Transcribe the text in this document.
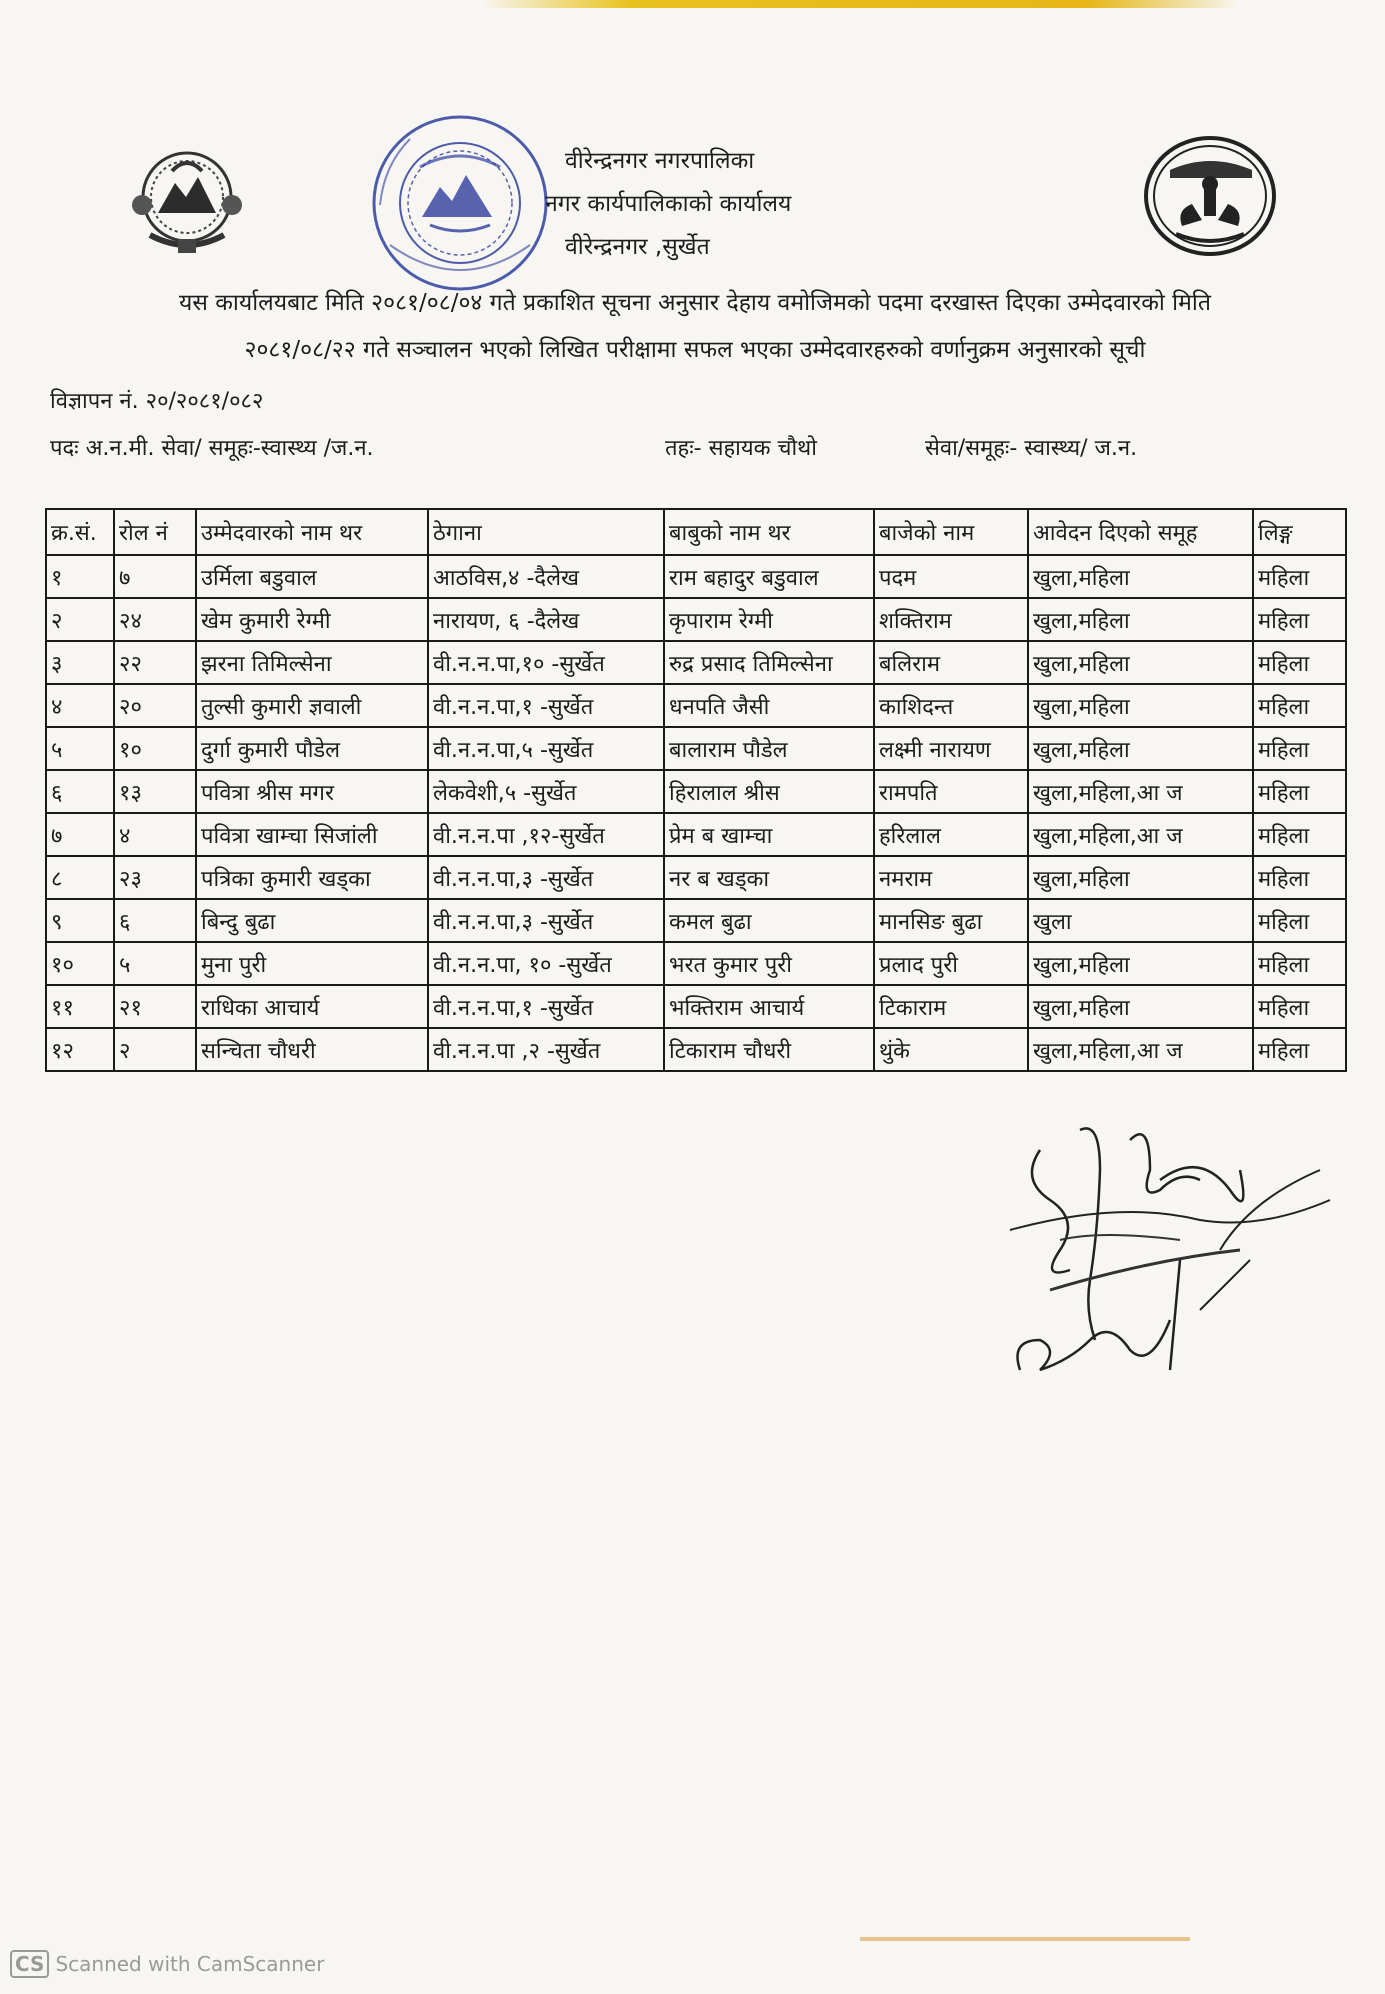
वीरेन्द्रनगर नगरपालिका
नगर कार्यपालिकाको कार्यालय
वीरेन्द्रनगर ,सुर्खेत
यस कार्यालयबाट मिति २०८१/०८/०४ गते प्रकाशित सूचना अनुसार देहाय वमोजिमको पदमा दरखास्त दिएका उम्मेदवारको मिति
२०८१/०८/२२ गते सञ्चालन भएको लिखित परीक्षामा सफल भएका उम्मेदवारहरुको वर्णानुक्रम अनुसारको सूची
विज्ञापन नं. २०/२०८१/०८२
पदः अ.न.मी. सेवा/ समूहः-स्वास्थ्य /ज.न.	तहः- सहायक चौथो	सेवा/समूहः- स्वास्थ्य/ ज.न.
क्र.सं.	रोल नं	उम्मेदवारको नाम थर	ठेगाना	बाबुको नाम थर	बाजेको नाम	आवेदन दिएको समूह	लिङ्ग
१	७	उर्मिला बडुवाल	आठविस,४ -दैलेख	राम बहादुर बडुवाल	पदम	खुला,महिला	महिला
२	२४	खेम कुमारी रेग्मी	नारायण, ६ -दैलेख	कृपाराम रेग्मी	शक्तिराम	खुला,महिला	महिला
३	२२	झरना तिमिल्सेना	वी.न.न.पा,१० -सुर्खेत	रुद्र प्रसाद तिमिल्सेना	बलिराम	खुला,महिला	महिला
४	२०	तुल्सी कुमारी ज्ञवाली	वी.न.न.पा,१ -सुर्खेत	धनपति जैसी	काशिदन्त	खुला,महिला	महिला
५	१०	दुर्गा कुमारी पौडेल	वी.न.न.पा,५ -सुर्खेत	बालाराम पौडेल	लक्ष्मी नारायण	खुला,महिला	महिला
६	१३	पवित्रा श्रीस मगर	लेकवेशी,५ -सुर्खेत	हिरालाल श्रीस	रामपति	खुला,महिला,आ ज	महिला
७	४	पवित्रा खाम्चा सिजांली	वी.न.न.पा ,१२-सुर्खेत	प्रेम ब खाम्चा	हरिलाल	खुला,महिला,आ ज	महिला
८	२३	पत्रिका कुमारी खड्का	वी.न.न.पा,३ -सुर्खेत	नर ब खड्का	नमराम	खुला,महिला	महिला
९	६	बिन्दु बुढा	वी.न.न.पा,३ -सुर्खेत	कमल बुढा	मानसिङ बुढा	खुला	महिला
१०	५	मुना पुरी	वी.न.न.पा, १० -सुर्खेत	भरत कुमार पुरी	प्रलाद पुरी	खुला,महिला	महिला
११	२१	राधिका आचार्य	वी.न.न.पा,१ -सुर्खेत	भक्तिराम आचार्य	टिकाराम	खुला,महिला	महिला
१२	२	सन्चिता चौधरी	वी.न.न.पा ,२ -सुर्खेत	टिकाराम चौधरी	थुंके	खुला,महिला,आ ज	महिला
CS Scanned with CamScanner
